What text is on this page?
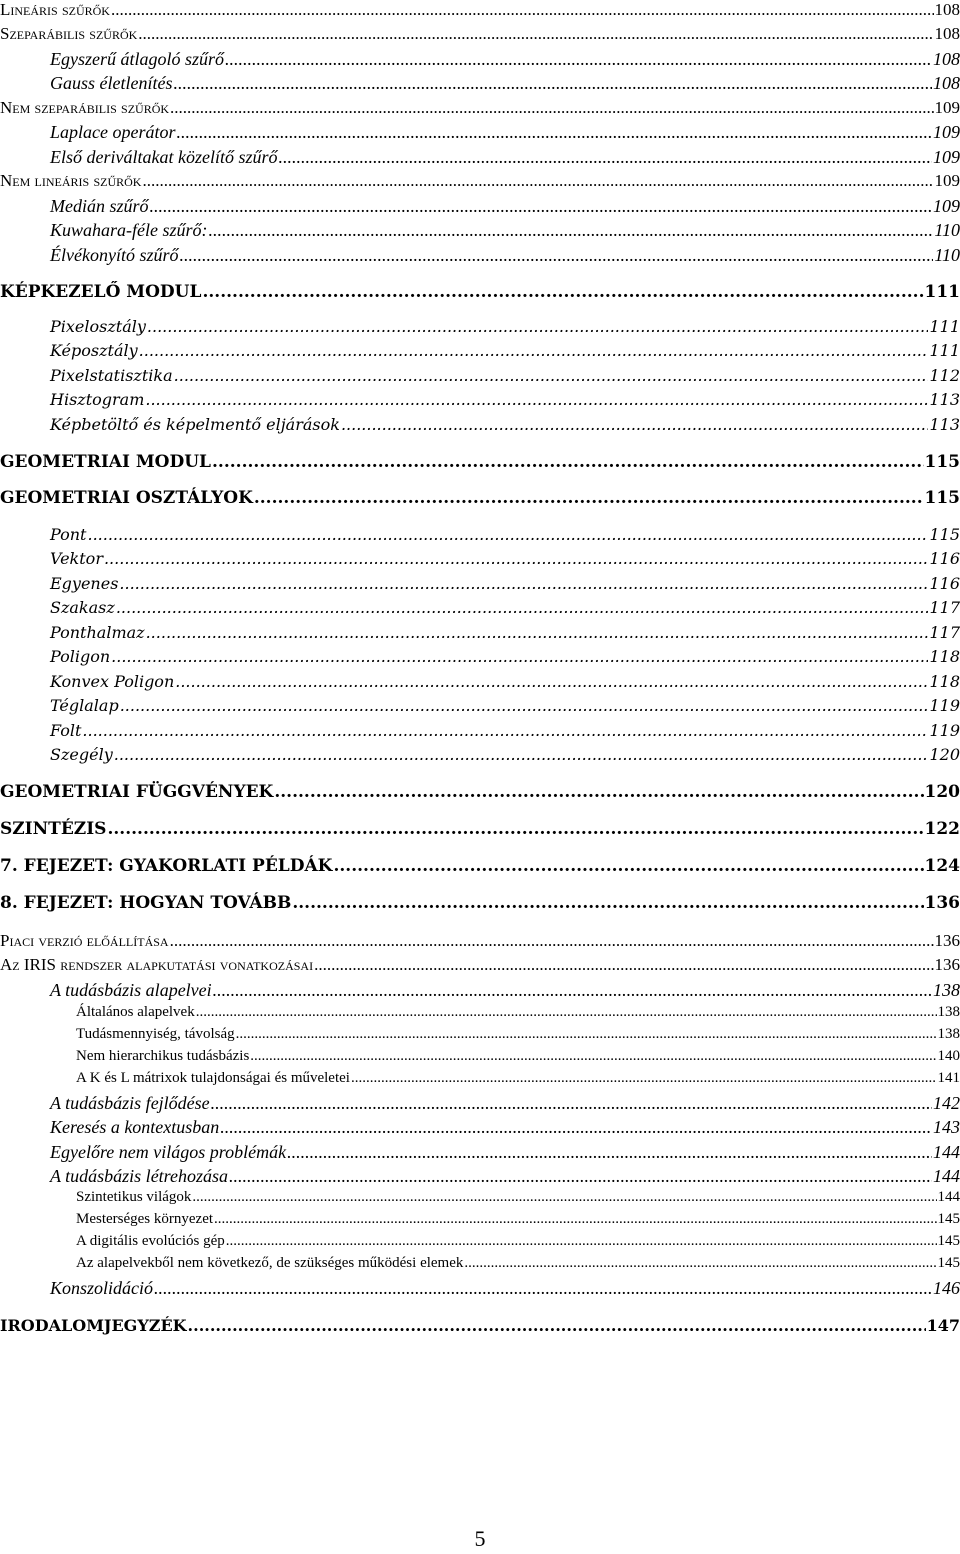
Lineáris szűrők .....	108
Szeparábilis szűrők .....	108
Egyszerű átlagoló szűrő .....	108
Gauss életlenítés .....	108
Nem szeparábilis szűrők .....	109
Laplace operátor .....	109
Első deriváltakat közelítő szűrő .....	109
Nem lineáris szűrők .....	109
Medián szűrő .....	109
Kuwahara-féle szűrő: .....	110
Élvékonyító szűrő .....	110
KÉPKEZELŐ MODUL .....	111
Pixelosztály .....	111
Képosztály .....	111
Pixelstatisztika .....	112
Hisztogram .....	113
Képbetöltő és képelmentő eljárások .....	113
GEOMETRIAI MODUL .....	115
GEOMETRIAI OSZTÁLYOK .....	115
Pont .....	115
Vektor .....	116
Egyenes .....	116
Szakasz .....	117
Ponthalmaz .....	117
Poligon .....	118
Konvex Poligon .....	118
Téglalap .....	119
Folt .....	119
Szegély .....	120
GEOMETRIAI FÜGGVÉNYEK .....	120
SZINTÉZIS .....	122
7. FEJEZET: GYAKORLATI PÉLDÁK .....	124
8. FEJEZET: HOGYAN TOVÁBB .....	136
Piaci verzió előállítása .....	136
Az IRIS rendszer alapkutatási vonatkozásai .....	136
A tudásbázis alapelvei .....	138
Általános alapelvek .....	138
Tudásmennyiség, távolság .....	138
Nem hierarchikus tudásbázis .....	140
A K és L mátrixok tulajdonságai és műveletei .....	141
A tudásbázis fejlődése .....	142
Keresés a kontextusban .....	143
Egyelőre nem világos problémák .....	144
A tudásbázis létrehozása .....	144
Szintetikus világok .....	144
Mesterséges környezet .....	145
A digitális evolúciós gép .....	145
Az alapelvekből nem következő, de szükséges működési elemek .....	145
Konszolidáció .....	146
IRODALOMJEGYZÉK .....	147
5
